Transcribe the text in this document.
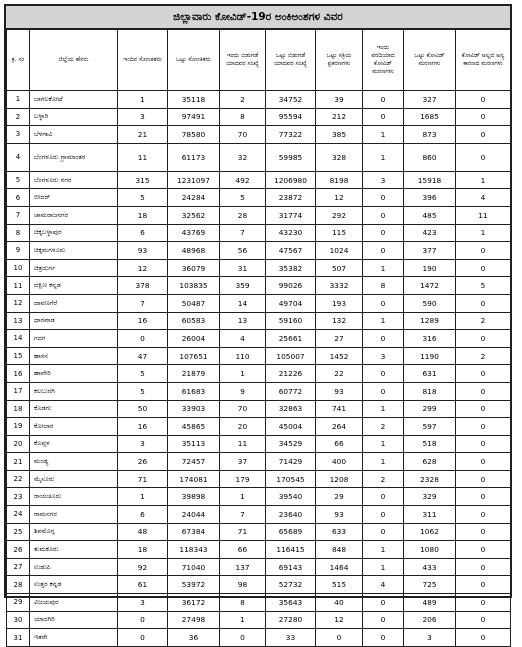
ಜಿಲ್ಲಾವಾರು ಕೋವಿಡ್-19ರ ಅಂಕಿಅಂಶಗಳ ವಿವರ
ಕ್ರ. ಸಂ	ಜಿಲ್ಲೆಯ ಹೆಸರು	ಇಂದಿನ ಸೋಂಕಿತರು	ಒಟ್ಟು ಸೋಂಕಿತರು	ಇಂದು ಬಿಡುಗಡೆ ಯಾದವರ ಸಂಖ್ಯೆ	ಒಟ್ಟು ಬಿಡುಗಡೆ ಯಾದವರ ಸಂಖ್ಯೆ	ಒಟ್ಟು ಸಕ್ರಿಯ ಪ್ರಕರಣಗಳು	ಇಂದು ವರದಿಯಾದ ಕೋವಿಡ್ ಮರಣಗಳು	ಒಟ್ಟು ಕೋವಿಡ್ ಮರಣಗಳು	ಕೋವಿಡ್ ಅಲ್ಲದ ಅನ್ಯ ಕಾರಣದ ಮರಣಗಳು
1	ಬಾಗಲಕೋಟೆ	1	35118	2	34752	39	0	327	0
2	ಬಳ್ಳಾರಿ	3	97491	8	95594	212	0	1685	0
3	ಬೆಳಗಾವಿ	21	78580	70	77322	385	1	873	0
4	ಬೆಂಗಳೂರು ಗ್ರಾಮಾಂತರ	11	61173	32	59985	328	1	860	0
5	ಬೆಂಗಳೂರು ನಗರ	315	1231097	492	1206980	8198	3	15918	1
6	ಬೀದರ್	5	24284	5	23872	12	0	396	4
7	ಚಾಮರಾಜನಗರ	18	32562	28	31774	292	0	485	11
8	ಚಿಕ್ಕಬಳ್ಳಾಪುರ	6	43769	7	43230	115	0	423	1
9	ಚಿಕ್ಕಮಗಳೂರು	93	48968	56	47567	1024	0	377	0
10	ಚಿತ್ರದುರ್ಗ	12	36079	31	35382	507	1	190	0
11	ದಕ್ಷಿಣ ಕನ್ನಡ	378	103835	359	99026	3332	8	1472	5
12	ದಾವಣಗೆರೆ	7	50487	14	49704	193	0	590	0
13	ಧಾರವಾಡ	16	60583	13	59160	132	1	1289	2
14	ಗದಗ	0	26004	4	25661	27	0	316	0
15	ಹಾಸನ	47	107651	110	105007	1452	3	1190	2
16	ಹಾವೇರಿ	5	21879	1	21226	22	0	631	0
17	ಕಲಬುರಗಿ	5	61683	9	60772	93	0	818	0
18	ಕೊಡಗು	50	33903	70	32863	741	1	299	0
19	ಕೋಲಾರ	16	45865	20	45004	264	2	597	0
20	ಕೊಪ್ಪಳ	3	35113	11	34529	66	1	518	0
21	ಮಂಡ್ಯ	26	72457	37	71429	400	1	628	0
22	ಮೈಸೂರು	71	174081	179	170545	1208	2	2328	0
23	ರಾಯಚೂರು	1	39898	1	39540	29	0	329	0
24	ರಾಮನಗರ	6	24044	7	23640	93	0	311	0
25	ಶಿವಮೊಗ್ಗ	48	67384	71	65689	633	0	1062	0
26	ತುಮಕೂರು	18	118343	66	116415	848	1	1080	0
27	ಉಡುಪಿ	92	71040	137	69143	1464	1	433	0
28	ಉತ್ತರ ಕನ್ನಡ	61	53972	98	52732	515	4	725	0
29	ವಿಜಯಪುರ	3	36172	8	35643	40	0	489	0
30	ಯಾದಗಿರಿ	0	27498	1	27280	12	0	206	0
31	ಇತರೇ	0	36	0	33	0	0	3	0
